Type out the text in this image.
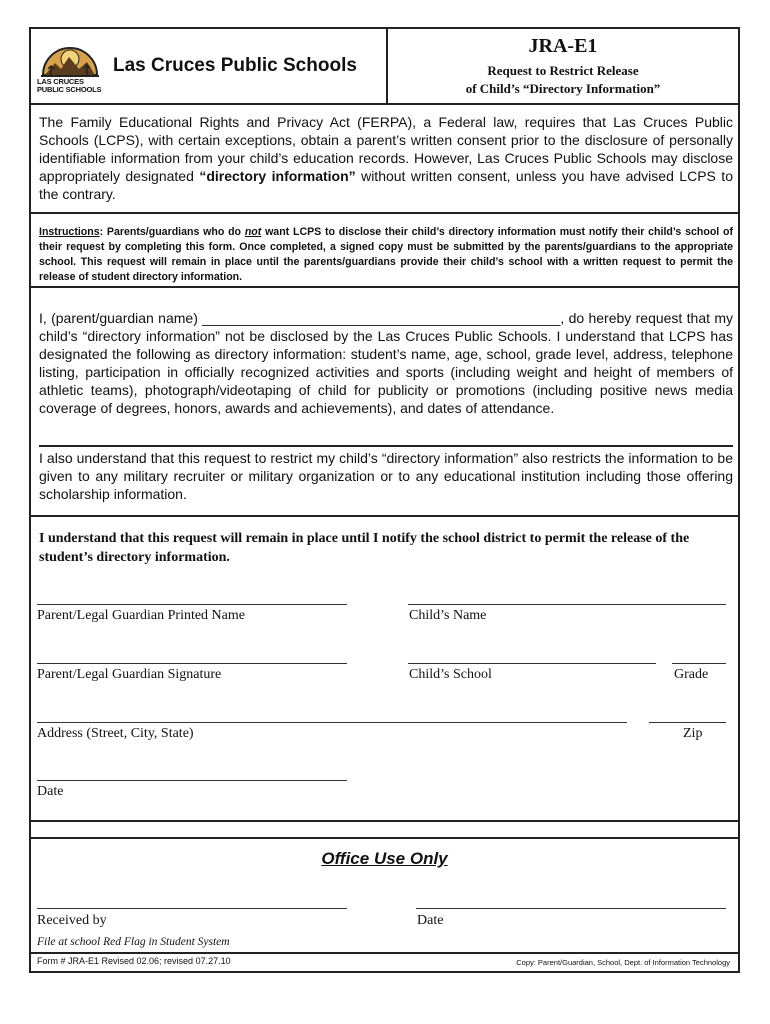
LAS CRUCES PUBLIC SCHOOLS
Las Cruces Public Schools
JRA-E1
Request to Restrict Release
of Child’s “Directory Information”
The Family Educational Rights and Privacy Act (FERPA), a Federal law, requires that Las Cruces Public Schools (LCPS), with certain exceptions, obtain a parent’s written consent prior to the disclosure of personally identifiable information from your child’s education records. However, Las Cruces Public Schools may disclose appropriately designated “directory information” without written consent, unless you have advised LCPS to the contrary.
Instructions: Parents/guardians who do not want LCPS to disclose their child’s directory information must notify their child’s school of their request by completing this form. Once completed, a signed copy must be submitted by the parents/guardians to the appropriate school. This request will remain in place until the parents/guardians provide their child’s school with a written request to permit the release of student directory information.
I, (parent/guardian name) ______________________________________________, do hereby request that my child’s “directory information” not be disclosed by the Las Cruces Public Schools. I understand that LCPS has designated the following as directory information: student’s name, age, school, grade level, address, telephone listing, participation in officially recognized activities and sports (including weight and height of members of athletic teams), photograph/videotaping of child for publicity or promotions (including positive news media coverage of degrees, honors, awards and achievements), and dates of attendance.
I also understand that this request to restrict my child’s “directory information” also restricts the information to be given to any military recruiter or military organization or to any educational institution including those offering scholarship information.
I understand that this request will remain in place until I notify the school district to permit the release of the student’s directory information.
Parent/Legal Guardian Printed Name	Child’s Name
Parent/Legal Guardian Signature	Child’s School	Grade
Address (Street, City, State)	Zip
Date
Office Use Only
Received by	Date
File at school Red Flag in Student System
Form # JRA-E1 Revised 02.06; revised 07.27.10	Copy: Parent/Guardian, School, Dept. of Information Technology
